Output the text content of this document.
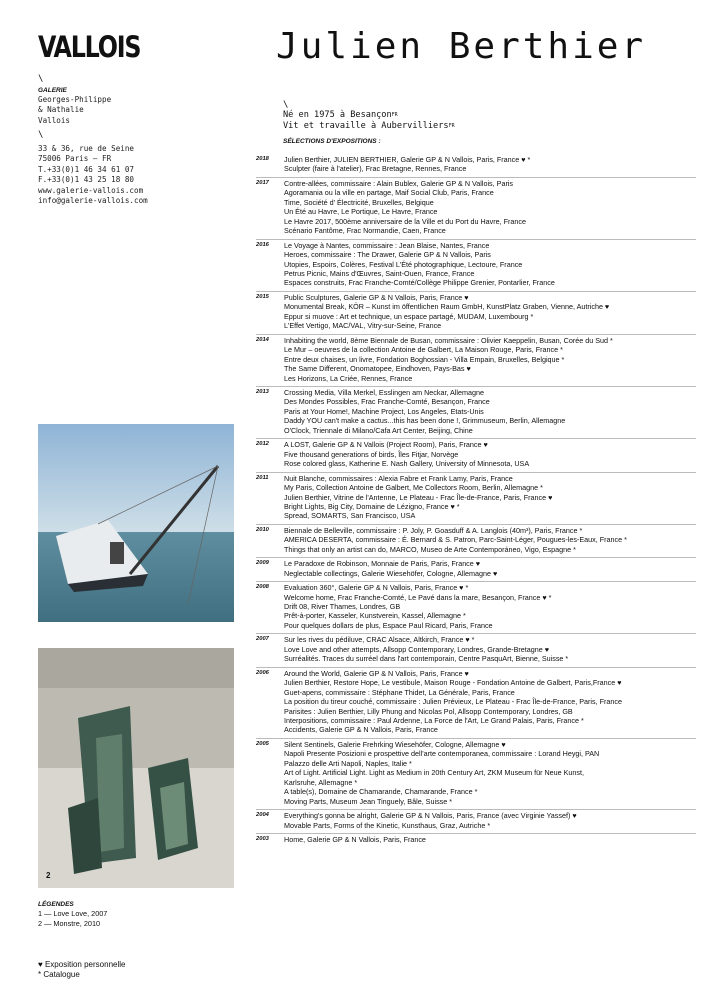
VALLOIS	Julien Berthier
\
GALERIE
Georges-Philippe
& Nathalie
Vallois
\
33 & 36, rue de Seine
75006 Paris — FR
T.+33(0)1 46 34 61 07
F.+33(0)1 43 25 18 80
www.galerie-vallois.com
info@galerie-vallois.com
\
Né en 1975 à Besançon$^{FR}$
Vit et travaille à Aubervilliers$^{FR}$
SÉLECTIONS D'EXPOSITIONS :
2
LÉGENDES
1 — Love Love, 2007
2 — Monstre, 2010
♥ Exposition personnelle
* Catalogue
2018 Julien Berthier, JULIEN BERTHIER, Galerie GP & N Vallois, Paris, France ♥ *
Sculpter (faire à l'atelier), Frac Bretagne, Rennes, France
2017 Contre-allées, commissaire : Alain Bublex, Galerie GP & N Vallois, Paris
Agoramania ou la ville en partage, Maif Social Club, Paris, France
Time, Société d' Électricité, Bruxelles, Belgique
Un Été au Havre, Le Portique, Le Havre, France
Le Havre 2017, 500ème anniversaire de la Ville et du Port du Havre, France
Scénario Fantôme, Frac Normandie, Caen, France
2016 Le Voyage à Nantes, commissaire : Jean Blaise, Nantes, France
Heroes, commissaire : The Drawer, Galerie GP & N Vallois, Paris
Utopies, Espoirs, Colères, Festival L'Été photographique, Lectoure, France
Petrus Picnic, Mains d'Œuvres, Saint-Ouen, France, France
Espaces construits, Frac Franche-Comté/Collège Philippe Grenier, Pontarlier, France
2015 Public Sculptures, Galerie GP & N Vallois, Paris, France ♥
Monumental Break, KÖR – Kunst im öffentlichen Raum GmbH, KunstPlatz Graben, Vienne, Autriche ♥
Eppur si muove : Art et technique, un espace partagé, MUDAM, Luxembourg *
L'Effet Vertigo, MAC/VAL, Vitry-sur-Seine, France
2014 Inhabiting the world, 8ème Biennale de Busan, commissaire : Olivier Kaeppelin, Busan, Corée du Sud *
Le Mur – oeuvres de la collection Antoine de Galbert, La Maison Rouge, Paris, France *
Entre deux chaises, un livre, Fondation Boghossian - Villa Empain, Bruxelles, Belgique *
The Same Different, Onomatopee, Eindhoven, Pays-Bas ♥
Les Horizons, La Criée, Rennes, France
2013 Crossing Media, Villa Merkel, Esslingen am Neckar, Allemagne
Des Mondes Possibles, Frac Franche-Comté, Besançon, France
Paris at Your Home!, Machine Project, Los Angeles, Etats-Unis
Daddy YOU can't make a cactus...this has been done !, Grimmuseum, Berlin, Allemagne
O'Clock, Triennale di Milano/Cafa Art Center, Beijing, Chine
2012 A LOST, Galerie GP & N Vallois (Project Room), Paris, France ♥
Five thousand generations of birds, Îles Fitjar, Norvège
Rose colored glass, Katherine E. Nash Gallery, University of Minnesota, USA
2011 Nuit Blanche, commissaires : Alexia Fabre et Frank Lamy, Paris, France
My Paris, Collection Antoine de Galbert, Me Collectors Room, Berlin, Allemagne *
Julien Berthier, Vitrine de l'Antenne, Le Plateau - Frac Île-de-France, Paris, France ♥
Bright Lights, Big City, Domaine de Lézigno, France ♥ *
Spread, SOMARTS, San Francisco, USA
2010 Biennale de Belleville, commissaire : P. Joly, P. Goasduff & A. Langlois (40m³), Paris, France *
AMERICA DESERTA, commissaire : É. Bernard & S. Patron, Parc-Saint-Léger, Pougues-les-Eaux, France *
Things that only an artist can do, MARCO, Museo de Arte Contemporáneo, Vigo, Espagne *
2009 Le Paradoxe de Robinson, Monnaie de Paris, Paris, France ♥
Neglectable collectings, Galerie Wiesehöfer, Cologne, Allemagne ♥
2008 Evaluation 360°, Galerie GP & N Vallois, Paris, France ♥ *
Welcome home, Frac Franche-Comté, Le Pavé dans la mare, Besançon, France ♥ *
Drift 08, River Thames, Londres, GB
Prêt-à-porter, Kasseler, Kunstverein, Kassel, Allemagne *
Pour quelques dollars de plus, Espace Paul Ricard, Paris, France
2007 Sur les rives du pédiluve, CRAC Alsace, Altkirch, France ♥ *
Love Love and other attempts, Allsopp Contemporary, Londres, Grande-Bretagne ♥
Surréalités. Traces du surréel dans l'art contemporain, Centre PasquArt, Bienne, Suisse *
2006 Around the World, Galerie GP & N Vallois, Paris, France ♥
Julien Berthier, Restore Hope, Le vestibule, Maison Rouge - Fondation Antoine de Galbert, Paris,France ♥
Guet-apens, commissaire : Stéphane Thidet, La Générale, Paris, France
La position du tireur couché, commissaire : Julien Prévieux, Le Plateau - Frac Île-de-France, Paris, France
Parisites : Julien Berthier, Lilly Phung and Nicolas Pol, Allsopp Contemporary, Londres, GB
Interpositions, commissaire : Paul Ardenne, La Force de l'Art, Le Grand Palais, Paris, France *
Accidents, Galerie GP & N Vallois, Paris, France
2005 Silent Sentinels, Galerie Frehrking Wiesehöfer, Cologne, Allemagne ♥
Napoli Presente Posizioni e prospettive dell'arte contemporanea, commissaire : Lorand Heygi, PAN
Palazzo delle Arti Napoli, Naples, Italie *
Art of Light. Artificial Light. Light as Medium in 20th Century Art, ZKM Museum für Neue Kunst,
Karlsruhe, Allemagne *
A table(s), Domaine de Chamarande, Chamarande, France *
Moving Parts, Museum Jean Tinguely, Bâle, Suisse *
2004 Everything's gonna be alright, Galerie GP & N Vallois, Paris, France (avec Virginie Yassef) ♥
Movable Parts, Forms of the Kinetic, Kunsthaus, Graz, Autriche *
2003 Home, Galerie GP & N Vallois, Paris, France
